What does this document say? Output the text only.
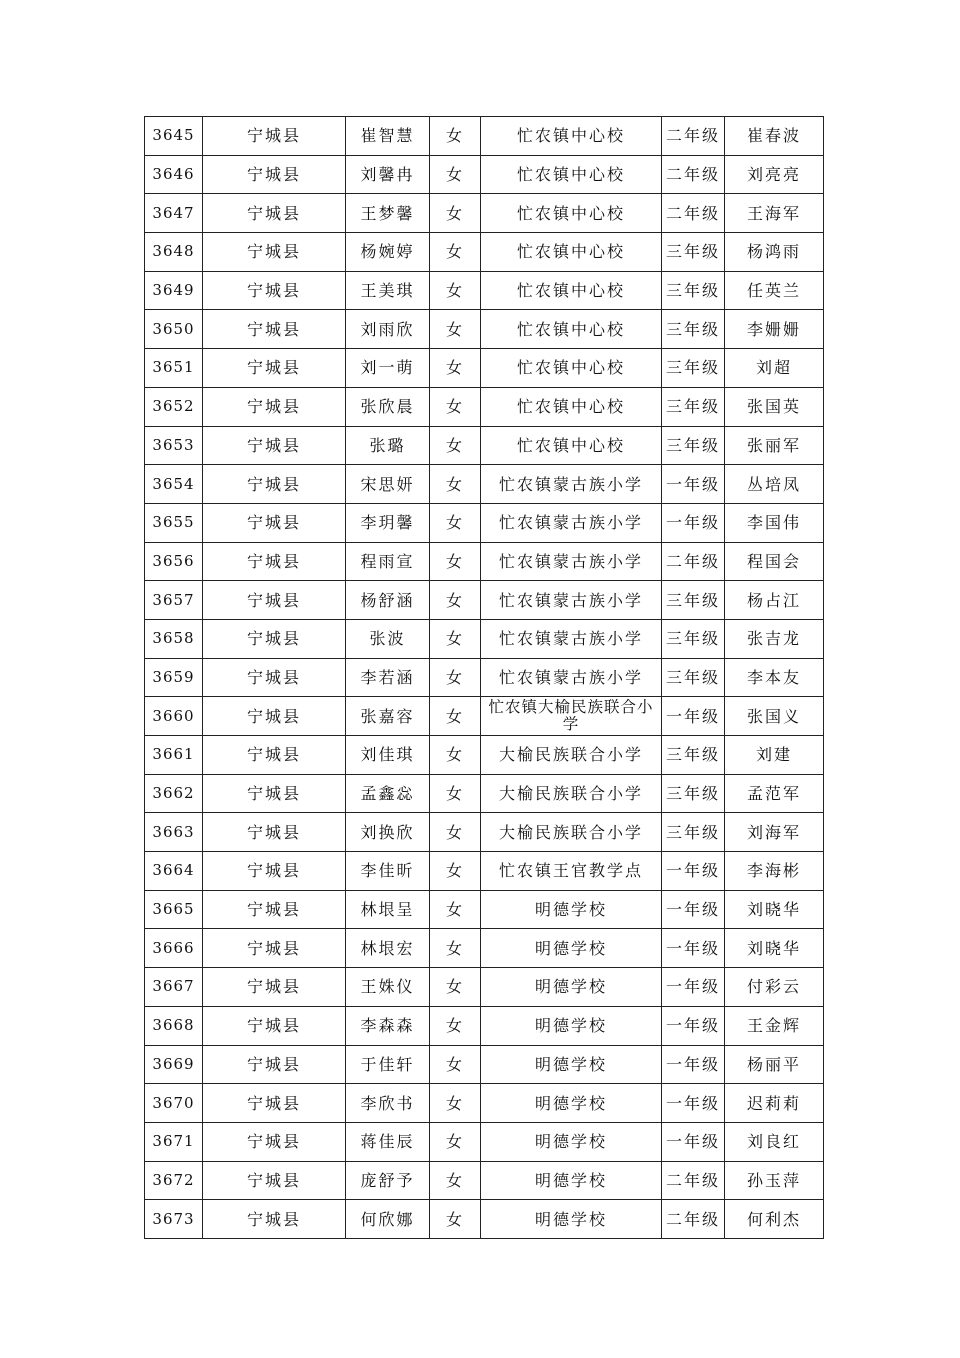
3645	宁城县	崔智慧	女	忙农镇中心校	二年级	崔春波
3646	宁城县	刘馨冉	女	忙农镇中心校	二年级	刘亮亮
3647	宁城县	王梦馨	女	忙农镇中心校	二年级	王海军
3648	宁城县	杨婉婷	女	忙农镇中心校	三年级	杨鸿雨
3649	宁城县	王美琪	女	忙农镇中心校	三年级	任英兰
3650	宁城县	刘雨欣	女	忙农镇中心校	三年级	李姗姗
3651	宁城县	刘一萌	女	忙农镇中心校	三年级	刘超
3652	宁城县	张欣晨	女	忙农镇中心校	三年级	张国英
3653	宁城县	张璐	女	忙农镇中心校	三年级	张丽军
3654	宁城县	宋思妍	女	忙农镇蒙古族小学	一年级	丛培凤
3655	宁城县	李玥馨	女	忙农镇蒙古族小学	一年级	李国伟
3656	宁城县	程雨宣	女	忙农镇蒙古族小学	二年级	程国会
3657	宁城县	杨舒涵	女	忙农镇蒙古族小学	三年级	杨占江
3658	宁城县	张波	女	忙农镇蒙古族小学	三年级	张吉龙
3659	宁城县	李若涵	女	忙农镇蒙古族小学	三年级	李本友
3660	宁城县	张嘉容	女	忙农镇大榆民族联合小学	一年级	张国义
3661	宁城县	刘佳琪	女	大榆民族联合小学	三年级	刘建
3662	宁城县	孟鑫惢	女	大榆民族联合小学	三年级	孟范军
3663	宁城县	刘换欣	女	大榆民族联合小学	三年级	刘海军
3664	宁城县	李佳昕	女	忙农镇王官教学点	一年级	李海彬
3665	宁城县	林垠呈	女	明德学校	一年级	刘晓华
3666	宁城县	林垠宏	女	明德学校	一年级	刘晓华
3667	宁城县	王姝仪	女	明德学校	一年级	付彩云
3668	宁城县	李森森	女	明德学校	一年级	王金辉
3669	宁城县	于佳轩	女	明德学校	一年级	杨丽平
3670	宁城县	李欣书	女	明德学校	一年级	迟莉莉
3671	宁城县	蒋佳辰	女	明德学校	一年级	刘良红
3672	宁城县	庞舒予	女	明德学校	二年级	孙玉萍
3673	宁城县	何欣娜	女	明德学校	二年级	何利杰
